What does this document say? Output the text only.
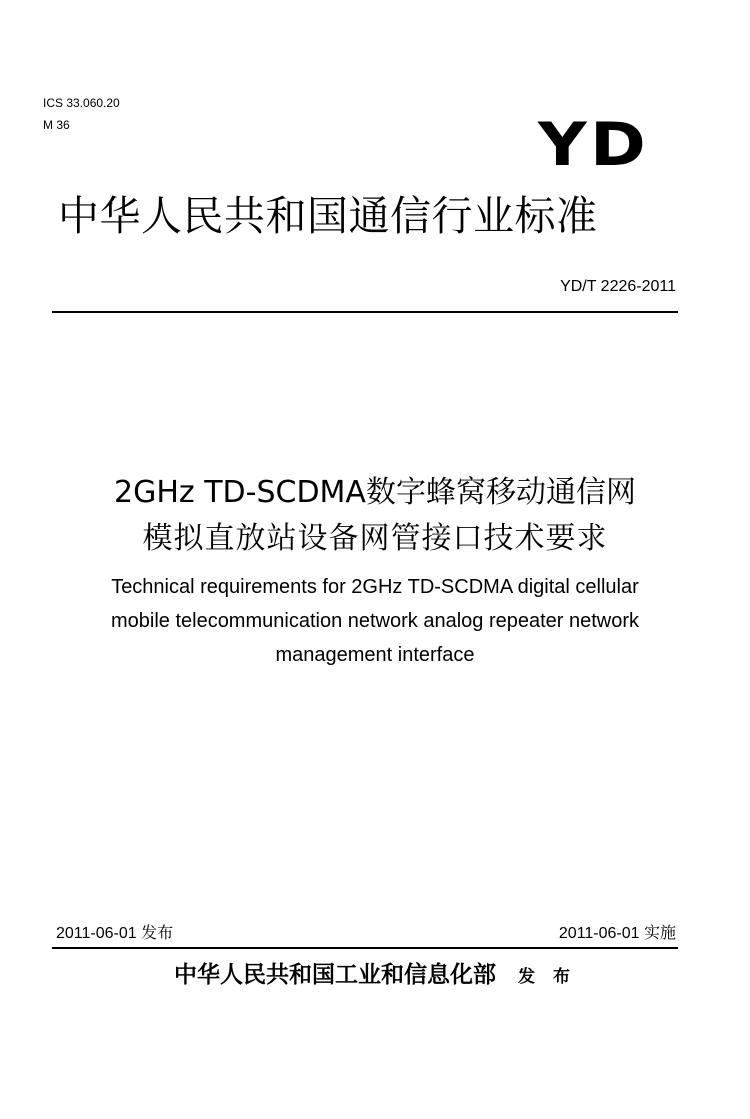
ICS 33.060.20
M 36	YD
中华人民共和国通信行业标准
YD/T 2226-2011
2GHz TD-SCDMA数字蜂窝移动通信网
模拟直放站设备网管接口技术要求
Technical requirements for 2GHz TD-SCDMA digital cellular
mobile telecommunication network analog repeater network
management interface
2011-06-01 发布	2011-06-01 实施
中华人民共和国工业和信息化部 发 布
